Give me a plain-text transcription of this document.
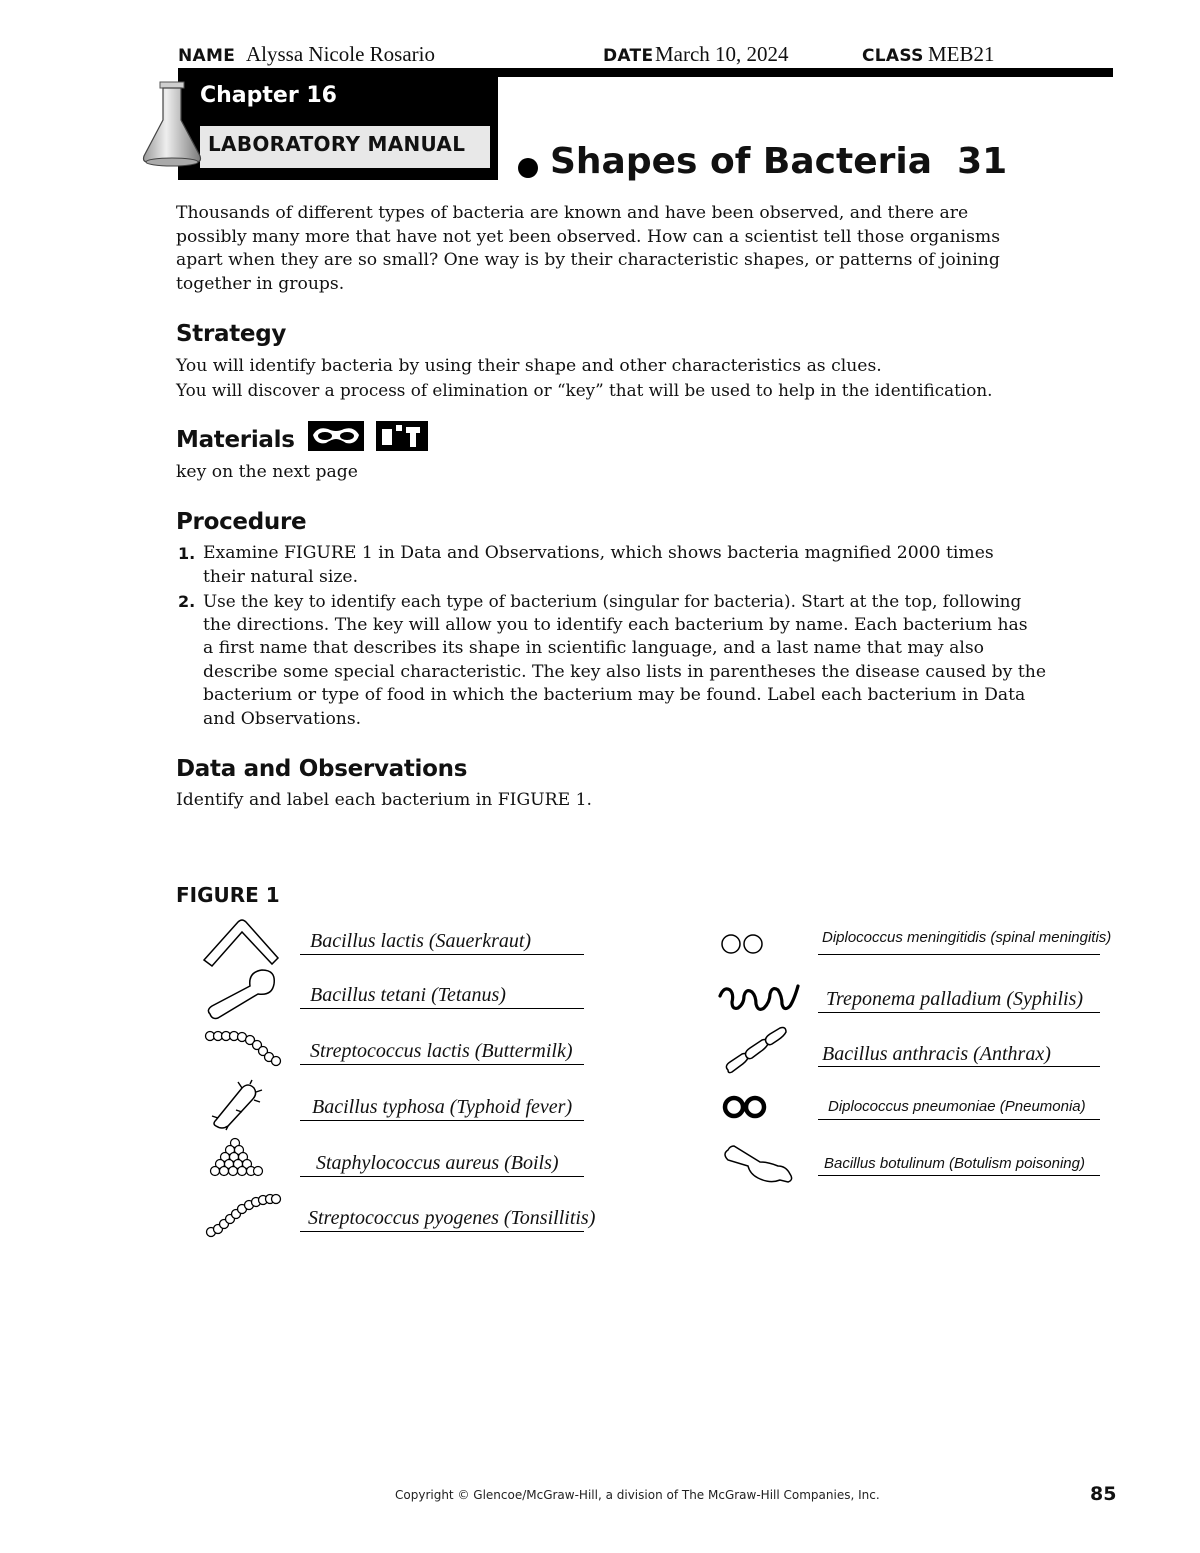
NAME Alyssa Nicole Rosario	DATE March 10, 2024	CLASS MEB21
Chapter 16
LABORATORY MANUAL Shapes of Bacteria 31
Thousands of different types of bacteria are known and have been observed, and there are
possibly many more that have not yet been observed. How can a scientist tell those organisms
apart when they are so small? One way is by their characteristic shapes, or patterns of joining
together in groups.
Strategy
You will identify bacteria by using their shape and other characteristics as clues.
You will discover a process of elimination or “key” that will be used to help in the identification.
Materials
key on the next page
Procedure
1. Examine FIGURE 1 in Data and Observations, which shows bacteria magnified 2000 times
their natural size.
2. Use the key to identify each type of bacterium (singular for bacteria). Start at the top, following
the directions. The key will allow you to identify each bacterium by name. Each bacterium has
a first name that describes its shape in scientific language, and a last name that may also
describe some special characteristic. The key also lists in parentheses the disease caused by the
bacterium or type of food in which the bacterium may be found. Label each bacterium in Data
and Observations.
Data and Observations
Identify and label each bacterium in FIGURE 1.
FIGURE 1
Bacillus lactis (Sauerkraut)
Bacillus tetani (Tetanus)
Streptococcus lactis (Buttermilk)
Bacillus typhosa (Typhoid fever)
Staphylococcus aureus (Boils)
Streptococcus pyogenes (Tonsillitis)
Diplococcus meningitidis (spinal meningitis)
Treponema palladium (Syphilis)
Bacillus anthracis (Anthrax)
Diplococcus pneumoniae (Pneumonia)
Bacillus botulinum (Botulism poisoning)
Copyright © Glencoe/McGraw-Hill, a division of The McGraw-Hill Companies, Inc.	85
